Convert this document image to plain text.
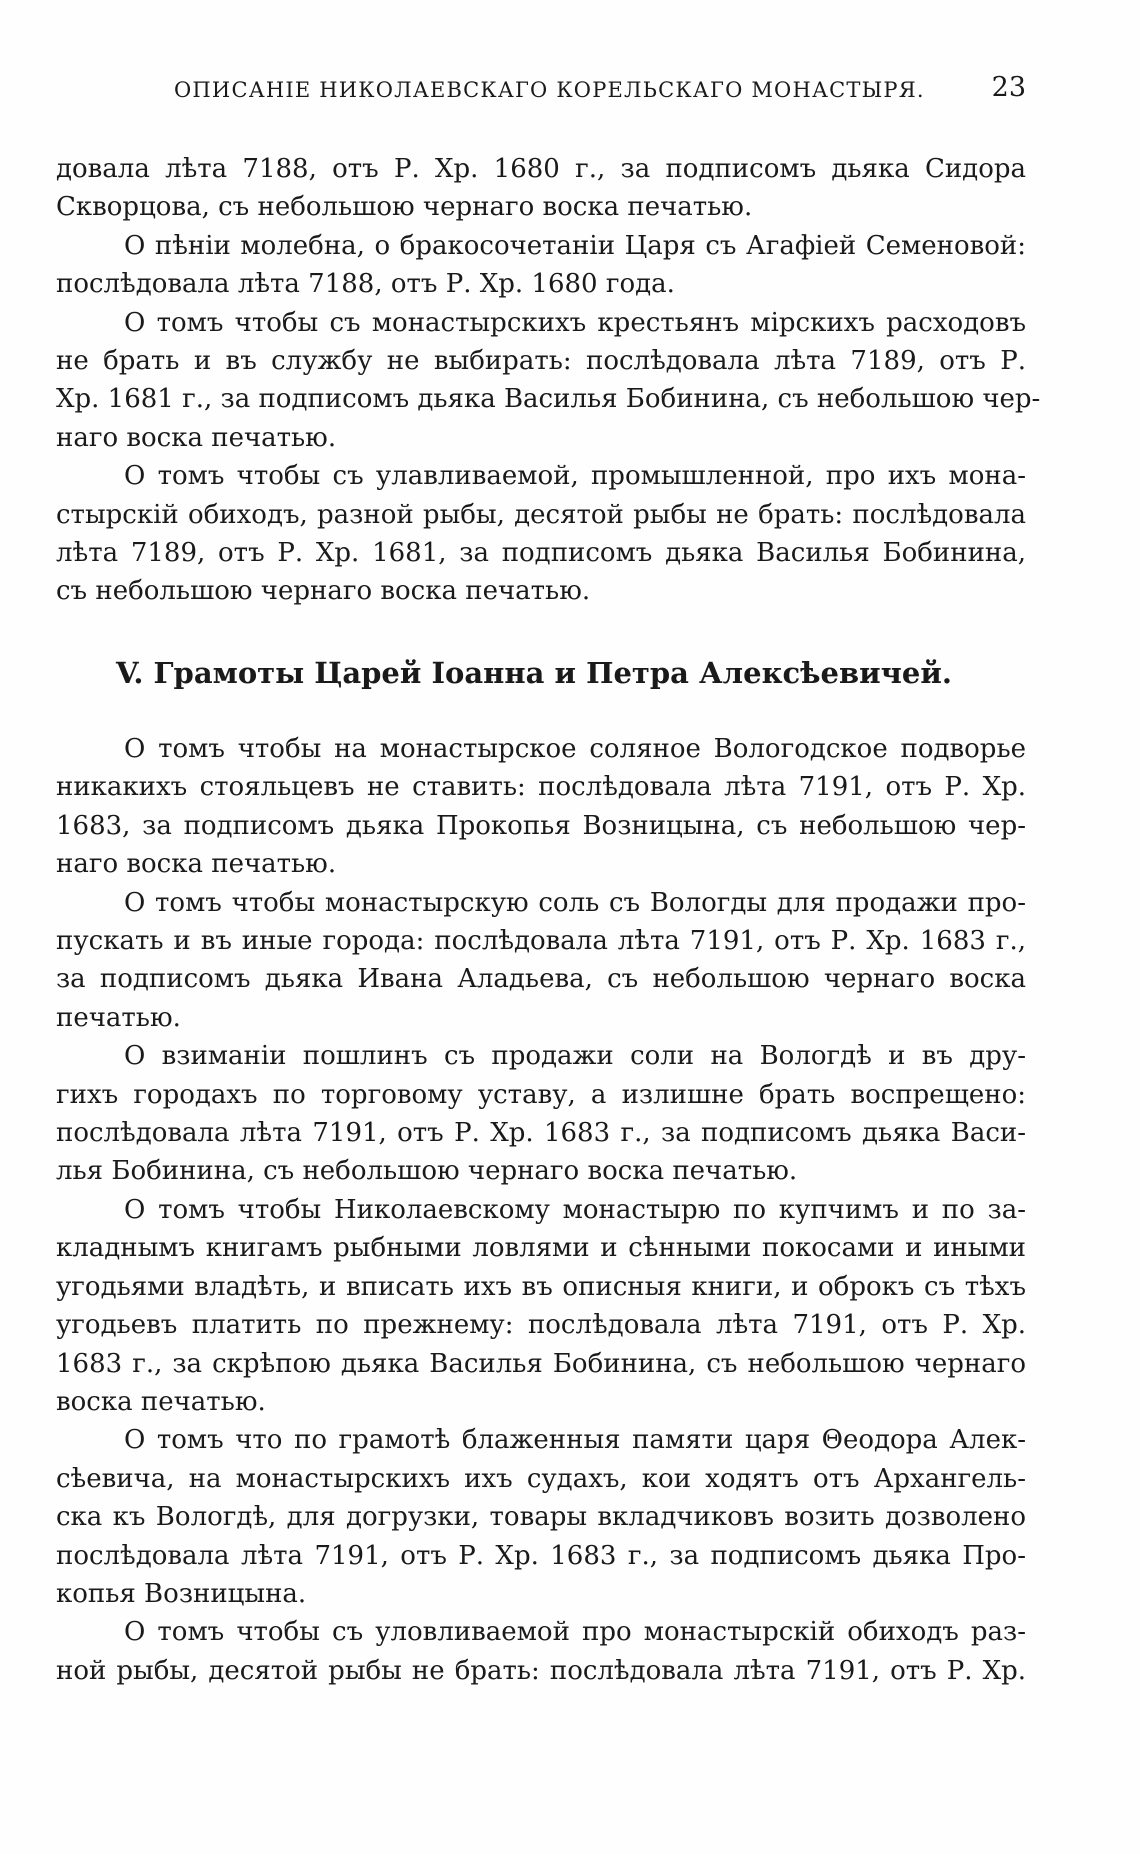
ОПИСАНІЕ НИКОЛАЕВСКАГО КОРЕЛЬСКАГО МОНАСТЫРЯ. 23

довала лѣта 7188, отъ Р. Хр. 1680 г., за подписомъ дьяка Сидора
Скворцова, съ небольшою чернаго воска печатью.

О пѣніи молебна, о бракосочетаніи Царя съ Агафіей Семеновой:
послѣдовала лѣта 7188, отъ Р. Хр. 1680 года.

О томъ чтобы съ монастырскихъ крестьянъ мірскихъ расходовъ
не брать и въ службу не выбирать: послѣдовала лѣта 7189, отъ Р.
Хр. 1681 г., за подписомъ дьяка Василья Бобинина, съ небольшою чер-
наго воска печатью.

О томъ чтобы съ улавливаемой, промышленной, про ихъ мона-
стырскій обиходъ, разной рыбы, десятой рыбы не брать: послѣдовала
лѣта 7189, отъ Р. Хр. 1681, за подписомъ дьяка Василья Бобинина,
съ небольшою чернаго воска печатью.

V. Грамоты Царей Іоанна и Петра Алексѣевичей.

О томъ чтобы на монастырское соляное Вологодское подворье
никакихъ стояльцевъ не ставить: послѣдовала лѣта 7191, отъ Р. Хр.
1683, за подписомъ дьяка Прокопья Возницына, съ небольшою чер-
наго воска печатью.

О томъ чтобы монастырскую соль съ Вологды для продажи про-
пускать и въ иные города: послѣдовала лѣта 7191, отъ Р. Хр. 1683 г.,
за подписомъ дьяка Ивана Аладьева, съ небольшою чернаго воска
печатью.

О взиманіи пошлинъ съ продажи соли на Вологдѣ и въ дру-
гихъ городахъ по торговому уставу, а излишне брать воспрещено:
послѣдовала лѣта 7191, отъ Р. Хр. 1683 г., за подписомъ дьяка Васи-
лья Бобинина, съ небольшою чернаго воска печатью.

О томъ чтобы Николаевскому монастырю по купчимъ и по за-
кладнымъ книгамъ рыбными ловлями и сѣнными покосами и иными
угодьями владѣть, и вписать ихъ въ описныя книги, и оброкъ съ тѣхъ
угодьевъ платить по прежнему: послѣдовала лѣта 7191, отъ Р. Хр.
1683 г., за скрѣпою дьяка Василья Бобинина, съ небольшою чернаго
воска печатью.

О томъ что по грамотѣ блаженныя памяти царя Θеодора Алек-
сѣевича, на монастырскихъ ихъ судахъ, кои ходятъ отъ Архангель-
ска къ Вологдѣ, для догрузки, товары вкладчиковъ возить дозволено
послѣдовала лѣта 7191, отъ Р. Хр. 1683 г., за подписомъ дьяка Про-
копья Возницына.

О томъ чтобы съ уловливаемой про монастырскій обиходъ раз-
ной рыбы, десятой рыбы не брать: послѣдовала лѣта 7191, отъ Р. Хр.
